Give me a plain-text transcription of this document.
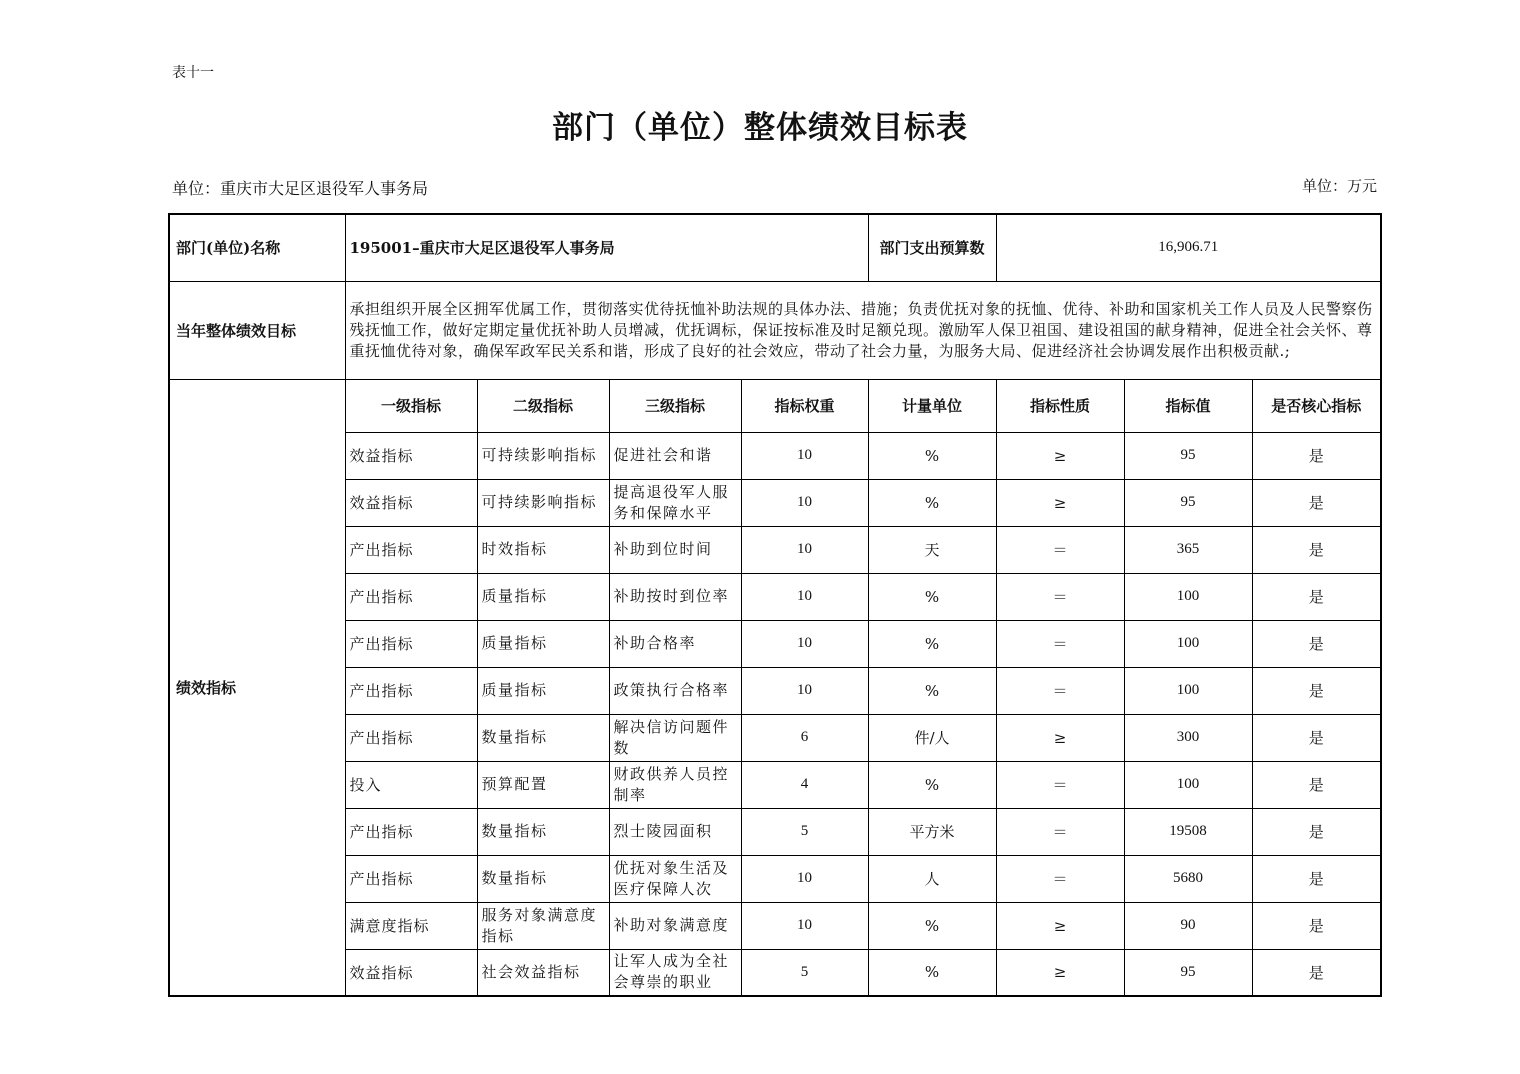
表十一
部门（单位）整体绩效目标表
单位：重庆市大足区退役军人事务局	单位：万元
部门(单位)名称	195001–重庆市大足区退役军人事务局				部门支出预算数	16,906.71		
当年整体绩效目标	承担组织开展全区拥军优属工作，贯彻落实优待抚恤补助法规的具体办法、措施；负责优抚对象的抚恤、优待、补助和国家机关工作人员及人民警察伤残抚恤工作，做好定期定量优抚补助人员增减，优抚调标，保证按标准及时足额兑现。激励军人保卫祖国、建设祖国的献身精神，促进全社会关怀、尊重抚恤优待对象，确保军政军民关系和谐，形成了良好的社会效应，带动了社会力量，为服务大局、促进经济社会协调发展作出积极贡献.;							
绩效指标	一级指标	二级指标	三级指标	指标权重	计量单位	指标性质	指标值	是否核心指标
	效益指标	可持续影响指标	促进社会和谐	10	%	≥	95	是
	效益指标	可持续影响指标	提高退役军人服务和保障水平	10	%	≥	95	是
	产出指标	时效指标	补助到位时间	10	天	＝	365	是
	产出指标	质量指标	补助按时到位率	10	%	＝	100	是
	产出指标	质量指标	补助合格率	10	%	＝	100	是
	产出指标	质量指标	政策执行合格率	10	%	＝	100	是
	产出指标	数量指标	解决信访问题件数	6	件/人	≥	300	是
	投入	预算配置	财政供养人员控制率	4	%	＝	100	是
	产出指标	数量指标	烈士陵园面积	5	平方米	＝	19508	是
	产出指标	数量指标	优抚对象生活及医疗保障人次	10	人	＝	5680	是
	满意度指标	服务对象满意度指标	补助对象满意度	10	%	≥	90	是
	效益指标	社会效益指标	让军人成为全社会尊崇的职业	5	%	≥	95	是
